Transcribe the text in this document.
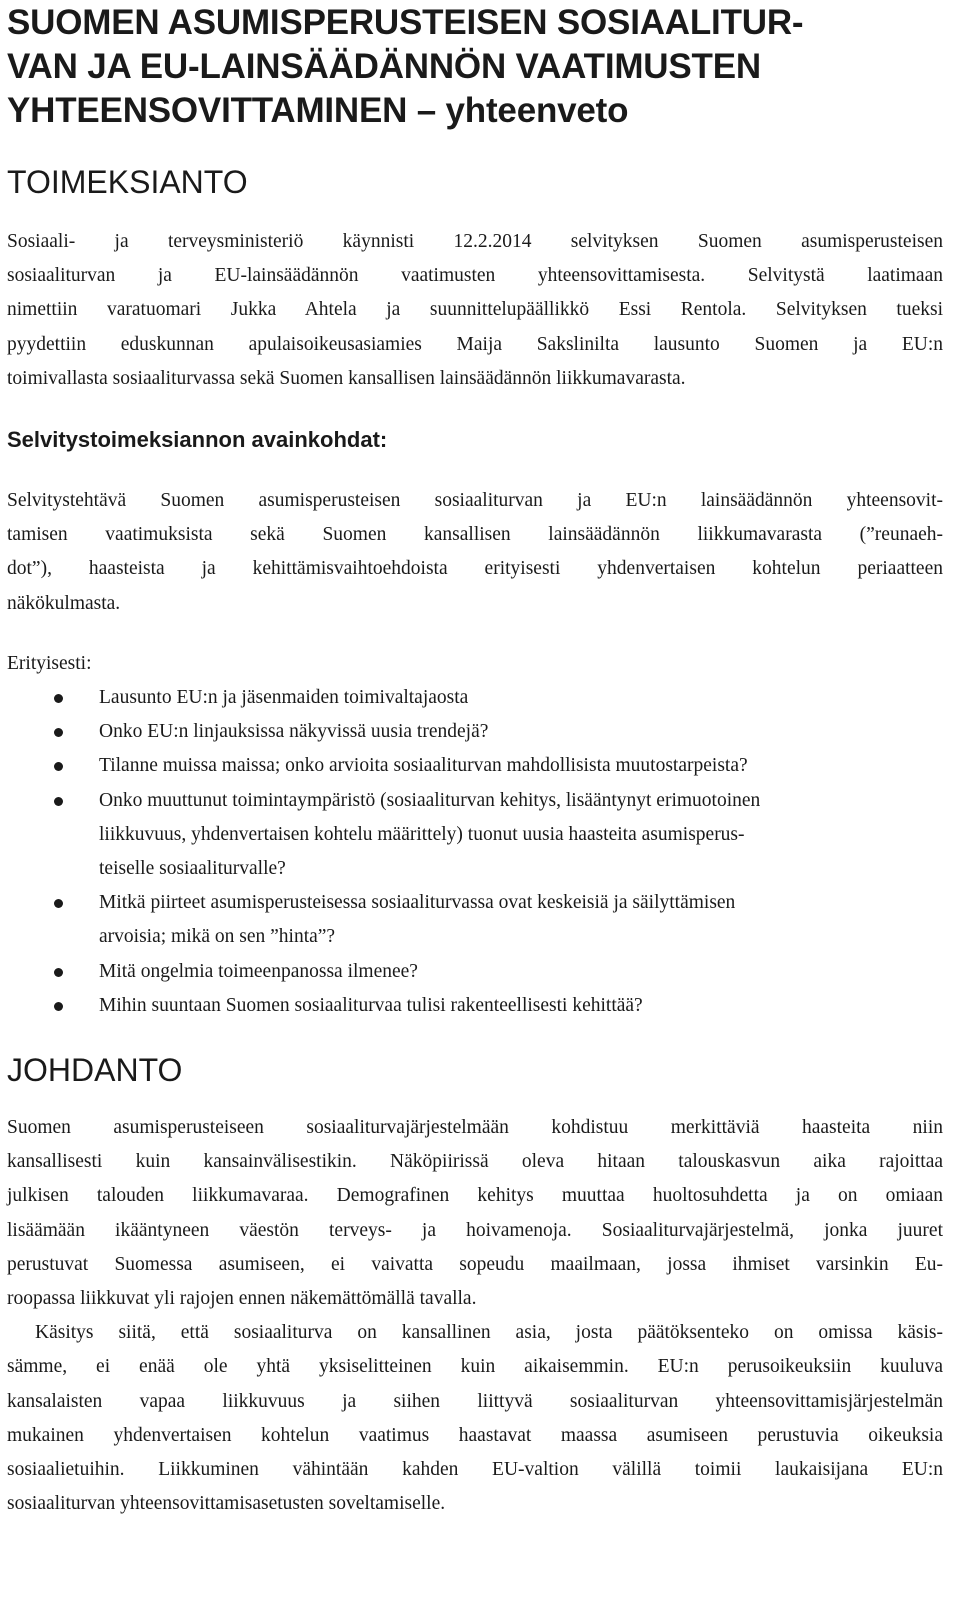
SUOMEN ASUMISPERUSTEISEN SOSIAALITUR-
VAN JA EU-LAINSÄÄDÄNNÖN VAATIMUSTEN
YHTEENSOVITTAMINEN – yhteenveto
TOIMEKSIANTO

Sosiaali- ja terveysministeriö käynnisti 12.2.2014 selvityksen Suomen asumisperusteisen
sosiaaliturvan ja EU-lainsäädännön vaatimusten yhteensovittamisesta. Selvitystä laatimaan
nimettiin varatuomari Jukka Ahtela ja suunnittelupäällikkö Essi Rentola. Selvityksen tueksi
pyydettiin eduskunnan apulaisoikeusasiamies Maija Sakslinilta lausunto Suomen ja EU:n
toimivallasta sosiaaliturvassa sekä Suomen kansallisen lainsäädännön liikkumavarasta.

Selvitystoimeksiannon avainkohdat:

Selvitystehtävä Suomen asumisperusteisen sosiaaliturvan ja EU:n lainsäädännön yhteensovit-
tamisen vaatimuksista sekä Suomen kansallisen lainsäädännön liikkumavarasta (”reunaeh-
dot”), haasteista ja kehittämisvaihtoehdoista erityisesti yhdenvertaisen kohtelun periaatteen
näkökulmasta.

Erityisesti:

Lausunto EU:n ja jäsenmaiden toimivaltajaosta
Onko EU:n linjauksissa näkyvissä uusia trendejä?
Tilanne muissa maissa; onko arvioita sosiaaliturvan mahdollisista muutostarpeista?
Onko muuttunut toimintaympäristö (sosiaaliturvan kehitys, lisääntynyt erimuotoinen
liikkuvuus, yhdenvertaisen kohtelu määrittely) tuonut uusia haasteita asumisperus-
teiselle sosiaaliturvalle?
Mitkä piirteet asumisperusteisessa sosiaaliturvassa ovat keskeisiä ja säilyttämisen
arvoisia; mikä on sen ”hinta”?
Mitä ongelmia toimeenpanossa ilmenee?
Mihin suuntaan Suomen sosiaaliturvaa tulisi rakenteellisesti kehittää?
JOHDANTO

Suomen asumisperusteiseen sosiaaliturvajärjestelmään kohdistuu merkittäviä haasteita niin
kansallisesti kuin kansainvälisestikin. Näköpiirissä oleva hitaan talouskasvun aika rajoittaa
julkisen talouden liikkumavaraa. Demografinen kehitys muuttaa huoltosuhdetta ja on omiaan
lisäämään ikääntyneen väestön terveys- ja hoivamenoja. Sosiaaliturvajärjestelmä, jonka juuret
perustuvat Suomessa asumiseen, ei vaivatta sopeudu maailmaan, jossa ihmiset varsinkin Eu-
roopassa liikkuvat yli rajojen ennen näkemättömällä tavalla.

Käsitys siitä, että sosiaaliturva on kansallinen asia, josta päätöksenteko on omissa käsis-
sämme, ei enää ole yhtä yksiselitteinen kuin aikaisemmin. EU:n perusoikeuksiin kuuluva
kansalaisten vapaa liikkuvuus ja siihen liittyvä sosiaaliturvan yhteensovittamisjärjestelmän
mukainen yhdenvertaisen kohtelun vaatimus haastavat maassa asumiseen perustuvia oikeuksia
sosiaalietuihin. Liikkuminen vähintään kahden EU-valtion välillä toimii laukaisijana EU:n
sosiaaliturvan yhteensovittamisasetusten soveltamiselle.
